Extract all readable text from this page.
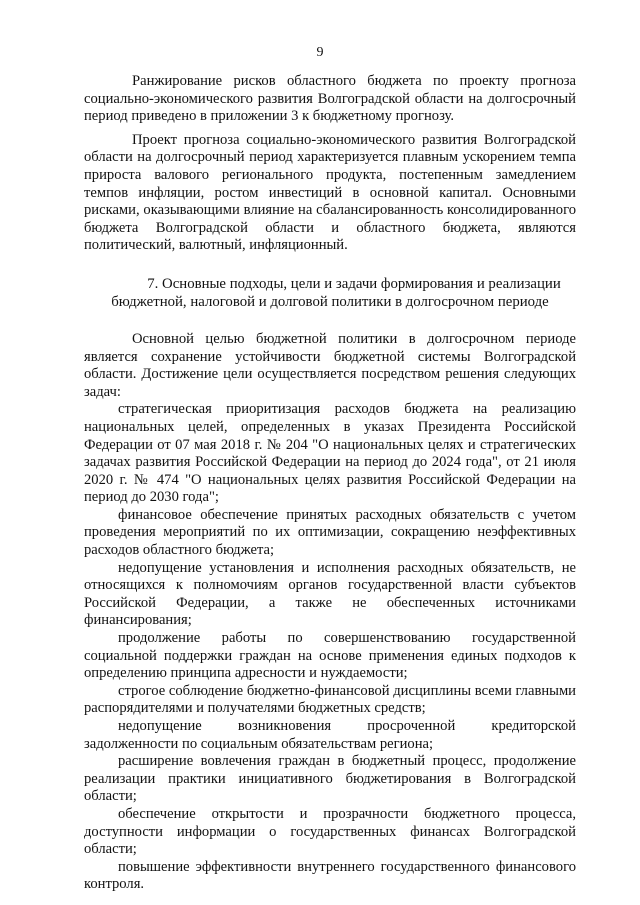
9

Ранжирование рисков областного бюджета по проекту прогноза социально-экономического развития Волгоградской области на долгосрочный период приведено в приложении 3 к бюджетному прогнозу.

Проект прогноза социально-экономического развития Волгоградской области на долгосрочный период характеризуется плавным ускорением темпа прироста валового регионального продукта, постепенным замедлением темпов инфляции, ростом инвестиций в основной капитал. Основными рисками, оказывающими влияние на сбалансированность консолидированного бюджета Волгоградской области и областного бюджета, являются политический, валютный, инфляционный.

7. Основные подходы, цели и задачи формирования и реализации бюджетной, налоговой и долговой политики в долгосрочном периоде

Основной целью бюджетной политики в долгосрочном периоде является сохранение устойчивости бюджетной системы Волгоградской области. Достижение цели осуществляется посредством решения следующих задач:

стратегическая приоритизация расходов бюджета на реализацию национальных целей, определенных в указах Президента Российской Федерации от 07 мая 2018 г. № 204 "О национальных целях и стратегических задачах развития Российской Федерации на период до 2024 года", от 21 июля 2020 г. № 474 "О национальных целях развития Российской Федерации на период до 2030 года";

финансовое обеспечение принятых расходных обязательств с учетом проведения мероприятий по их оптимизации, сокращению неэффективных расходов областного бюджета;

недопущение установления и исполнения расходных обязательств, не относящихся к полномочиям органов государственной власти субъектов Российской Федерации, а также не обеспеченных источниками финансирования;

продолжение работы по совершенствованию государственной социальной поддержки граждан на основе применения единых подходов к определению принципа адресности и нуждаемости;

строгое соблюдение бюджетно-финансовой дисциплины всеми главными распорядителями и получателями бюджетных средств;

недопущение возникновения просроченной кредиторской задолженности по социальным обязательствам региона;

расширение вовлечения граждан в бюджетный процесс, продолжение реализации практики инициативного бюджетирования в Волгоградской области;

обеспечение открытости и прозрачности бюджетного процесса, доступности информации о государственных финансах Волгоградской области;

повышение эффективности внутреннего государственного финансового контроля.
